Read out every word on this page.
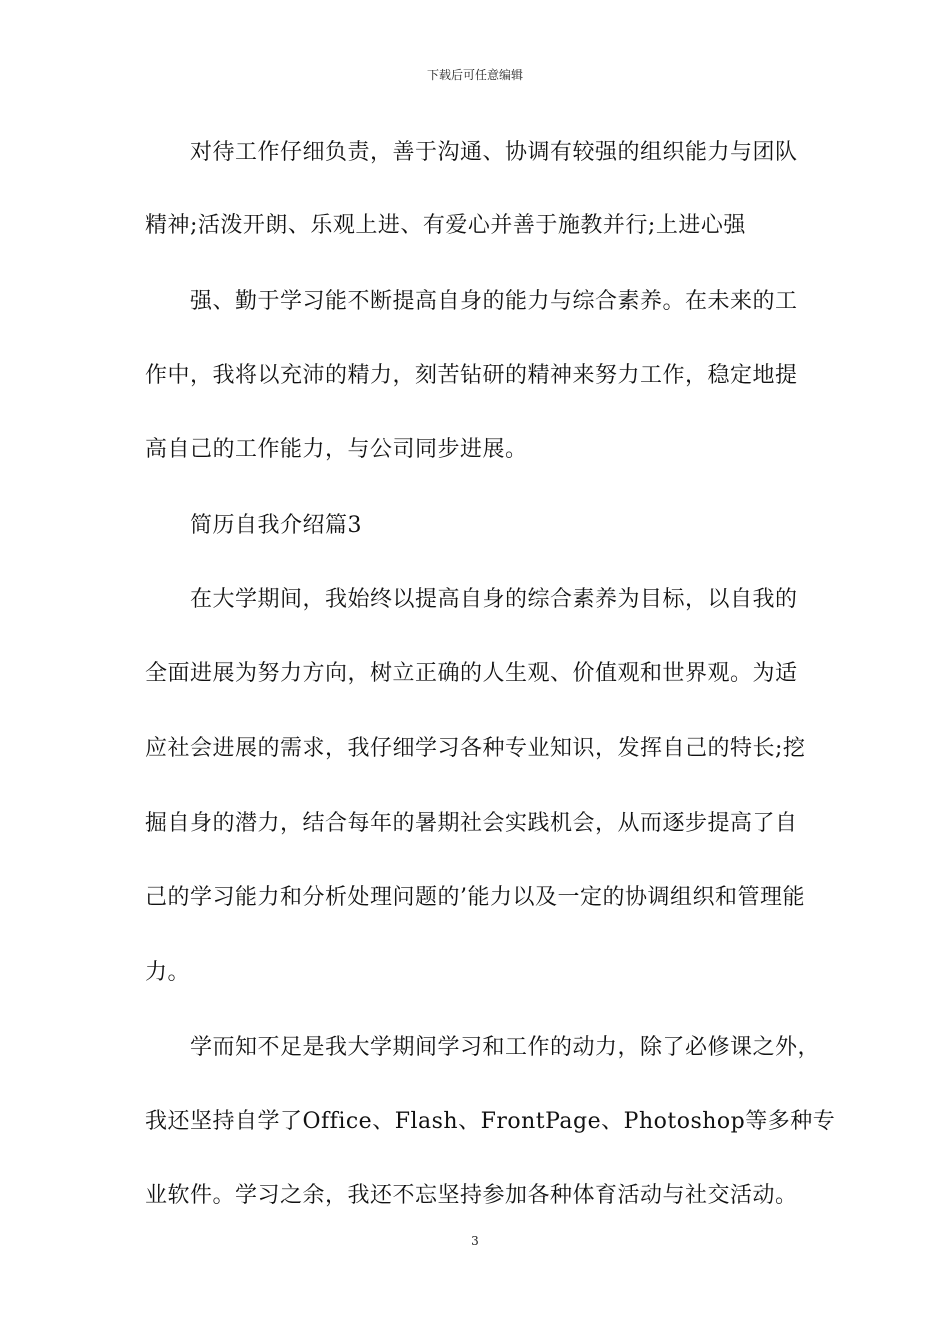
下载后可任意编辑
对待工作仔细负责，善于沟通、协调有较强的组织能力与团队
精神;活泼开朗、乐观上进、有爱心并善于施教并行;上进心强
强、勤于学习能不断提高自身的能力与综合素养。在未来的工
作中，我将以充沛的精力，刻苦钻研的精神来努力工作，稳定地提
高自己的工作能力，与公司同步进展。
简历自我介绍篇3
在大学期间，我始终以提高自身的综合素养为目标，以自我的
全面进展为努力方向，树立正确的人生观、价值观和世界观。为适
应社会进展的需求，我仔细学习各种专业知识，发挥自己的特长;挖
掘自身的潜力，结合每年的暑期社会实践机会，从而逐步提高了自
己的学习能力和分析处理问题的’能力以及一定的协调组织和管理能
力。
学而知不足是我大学期间学习和工作的动力，除了必修课之外，
我还坚持自学了Office、Flash、FrontPage、Photoshop等多种专
业软件。学习之余，我还不忘坚持参加各种体育活动与社交活动。
3
